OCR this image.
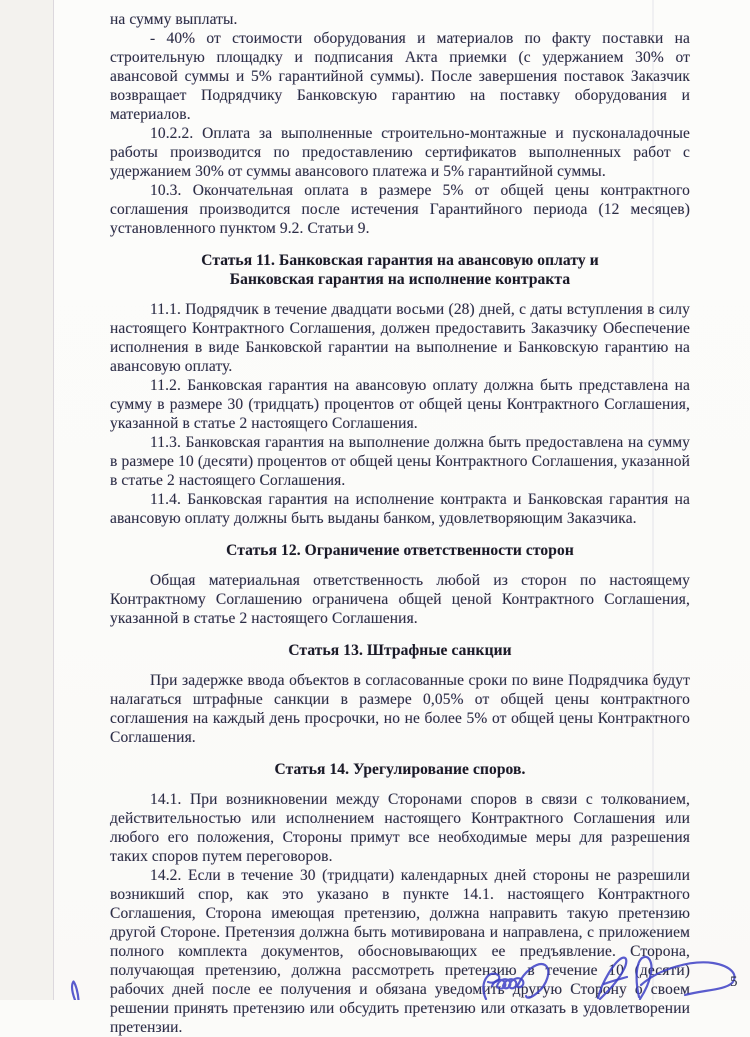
на сумму выплаты.

- 40% от стоимости оборудования и материалов по факту поставки на строительную площадку и подписания Акта приемки (с удержанием 30% от авансовой суммы и 5% гарантийной суммы). После завершения поставок Заказчик возвращает Подрядчику Банковскую гарантию на поставку оборудования и материалов.

10.2.2. Оплата за выполненные строительно-монтажные и пусконаладочные работы производится по предоставлению сертификатов выполненных работ с удержанием 30% от суммы авансового платежа и 5% гарантийной суммы.

10.3. Окончательная оплата в размере 5% от общей цены контрактного соглашения производится после истечения Гарантийного периода (12 месяцев) установленного пунктом 9.2. Статьи 9.

Статья 11. Банковская гарантия на авансовую оплату и
Банковская гарантия на исполнение контракта

11.1. Подрядчик в течение двадцати восьми (28) дней, с даты вступления в силу настоящего Контрактного Соглашения, должен предоставить Заказчику Обеспечение исполнения в виде Банковской гарантии на выполнение и Банковскую гарантию на авансовую оплату.

11.2. Банковская гарантия на авансовую оплату должна быть представлена на сумму в размере 30 (тридцать) процентов от общей цены Контрактного Соглашения, указанной в статье 2 настоящего Соглашения.

11.3. Банковская гарантия на выполнение должна быть предоставлена на сумму в размере 10 (десяти) процентов от общей цены Контрактного Соглашения, указанной в статье 2 настоящего Соглашения.

11.4. Банковская гарантия на исполнение контракта и Банковская гарантия на авансовую оплату должны быть выданы банком, удовлетворяющим Заказчика.

Статья 12. Ограничение ответственности сторон

Общая материальная ответственность любой из сторон по настоящему Контрактному Соглашению ограничена общей ценой Контрактного Соглашения, указанной в статье 2 настоящего Соглашения.

Статья 13. Штрафные санкции

При задержке ввода объектов в согласованные сроки по вине Подрядчика будут налагаться штрафные санкции в размере 0,05% от общей цены контрактного соглашения на каждый день просрочки, но не более 5% от общей цены Контрактного Соглашения.

Статья 14. Урегулирование споров.

14.1. При возникновении между Сторонами споров в связи с толкованием, действительностью или исполнением настоящего Контрактного Соглашения или любого его положения, Стороны примут все необходимые меры для разрешения таких споров путем переговоров.

14.2. Если в течение 30 (тридцати) календарных дней стороны не разрешили возникший спор, как это указано в пункте 14.1. настоящего Контрактного Соглашения, Сторона имеющая претензию, должна направить такую претензию другой Стороне. Претензия должна быть мотивирована и направлена, с приложением полного комплекта документов, обосновывающих ее предъявление. Сторона, получающая претензию, должна рассмотреть претензию в течение 10 (десяти) рабочих дней после ее получения и обязана уведомить другую Сторону о своем решении принять претензию или обсудить претензию или отказать в удовлетворении претензии.

5
